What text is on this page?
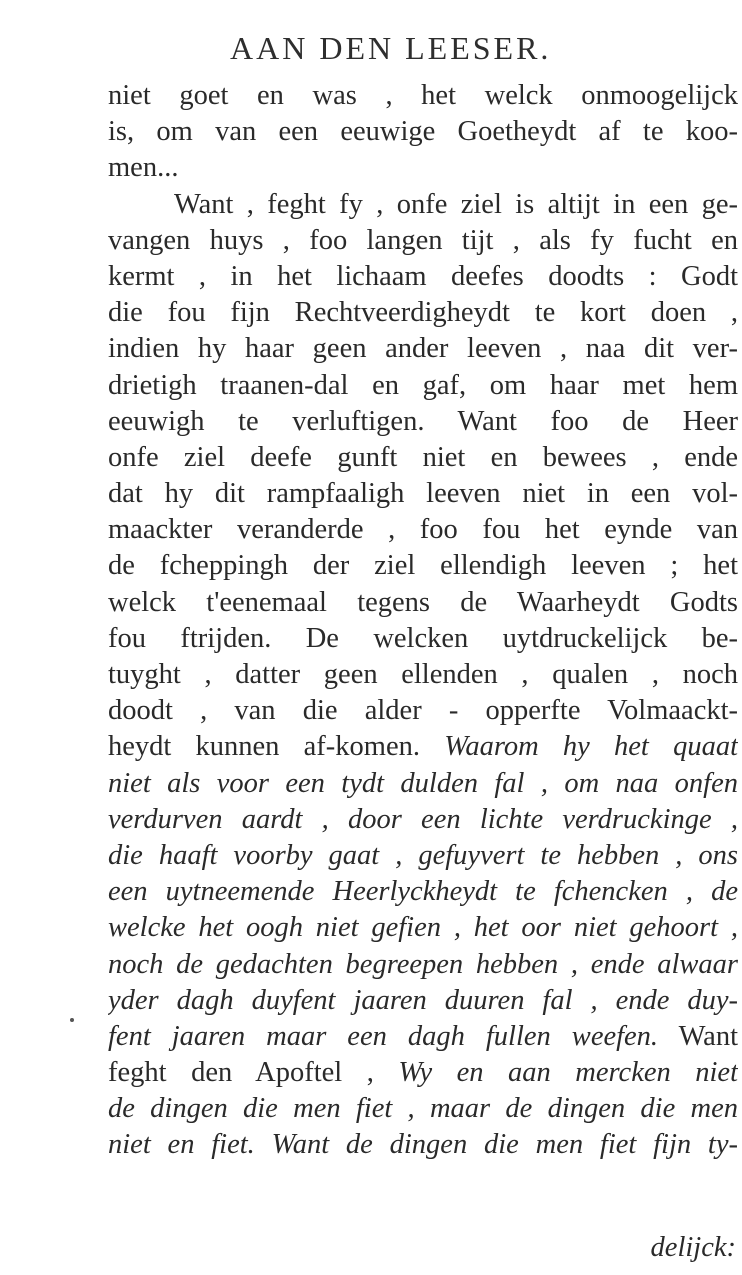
AAN DEN LEESER.
niet goet en was , het welck onmoogelijck
is, om van een eeuwige Goetheydt af te koo-
men...
Want , feght fy , onfe ziel is altijt in een ge-
vangen huys , foo langen tijt , als fy fucht en
kermt , in het lichaam deefes doodts : Godt
die fou fijn Rechtveerdigheydt te kort doen ,
indien hy haar geen ander leeven , naa dit ver-
drietigh traanen-dal en gaf, om haar met hem
eeuwigh te verluftigen. Want foo de Heer
onfe ziel deefe gunft niet en bewees , ende
dat hy dit rampfaaligh leeven niet in een vol-
maackter veranderde , foo fou het eynde van
de fcheppingh der ziel ellendigh leeven ; het
welck t'eenemaal tegens de Waarheydt Godts
fou ftrijden. De welcken uytdruckelijck be-
tuyght , datter geen ellenden , qualen , noch
doodt , van die alder - opperfte Volmaackt-
heydt kunnen af-komen. Waarom hy het quaat
niet als voor een tydt dulden fal , om naa onfen
verdurven aardt , door een lichte verdruckinge ,
die haaft voorby gaat , gefuyvert te hebben , ons
een uytneemende Heerlyckheydt te fchencken , de
welcke het oogh niet gefien , het oor niet gehoort ,
noch de gedachten begreepen hebben , ende alwaar
yder dagh duyfent jaaren duuren fal , ende duy-
fent jaaren maar een dagh fullen weefen. Want
feght den Apoftel , Wy en aan mercken niet
de dingen die men fiet , maar de dingen die men
niet en fiet. Want de dingen die men fiet fijn ty-
delijck:
